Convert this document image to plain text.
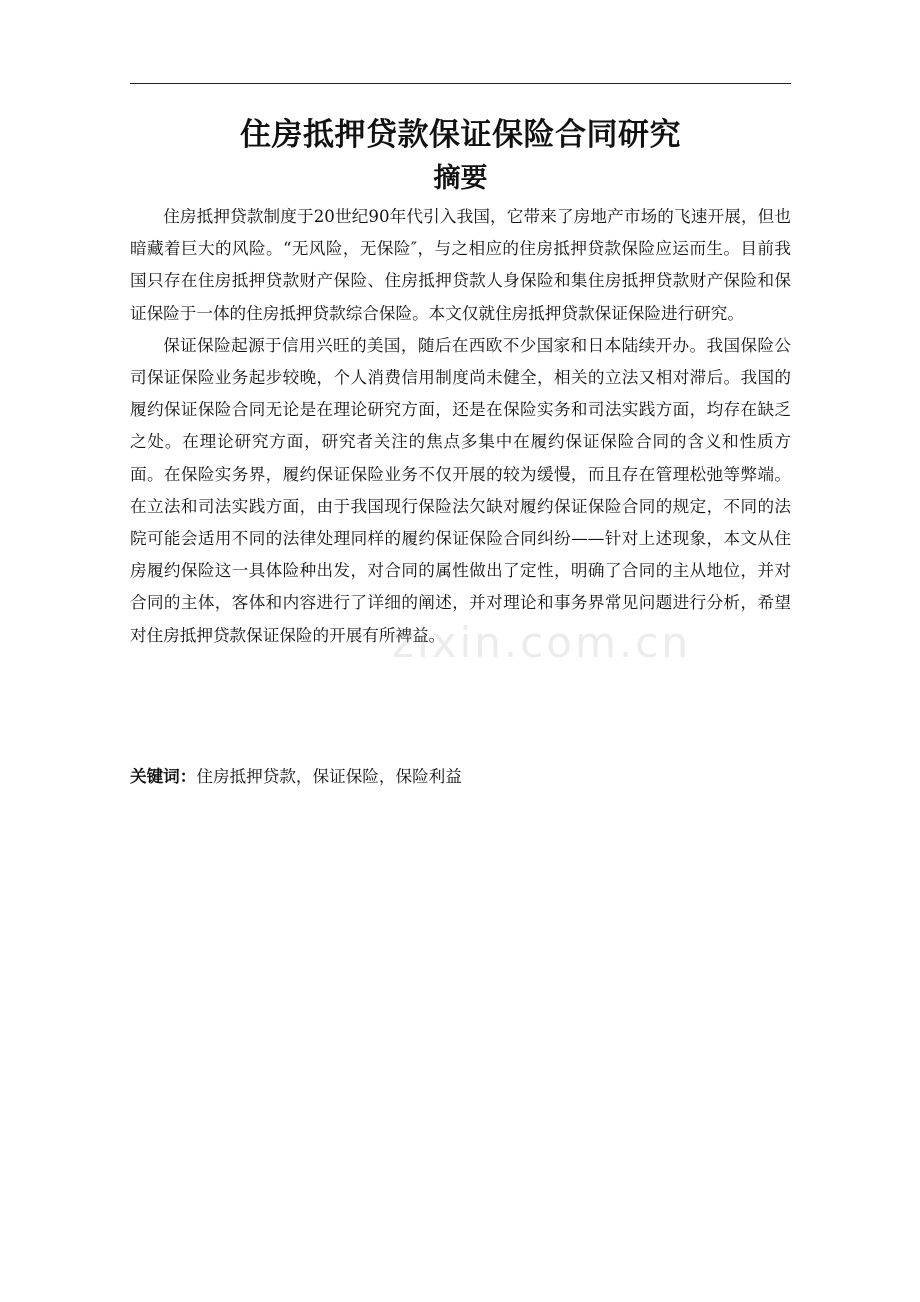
住房抵押贷款保证保险合同研究
摘要

住房抵押贷款制度于20世纪90年代引入我国，它带来了房地产市场的飞速开展，但也暗藏着巨大的风险。“无风险，无保险″，与之相应的住房抵押贷款保险应运而生。目前我国只存在住房抵押贷款财产保险、住房抵押贷款人身保险和集住房抵押贷款财产保险和保证保险于一体的住房抵押贷款综合保险。本文仅就住房抵押贷款保证保险进行研究。

保证保险起源于信用兴旺的美国，随后在西欧不少国家和日本陆续开办。我国保险公司保证保险业务起步较晚，个人消费信用制度尚未健全，相关的立法又相对滞后。我国的履约保证保险合同无论是在理论研究方面，还是在保险实务和司法实践方面，均存在缺乏之处。在理论研究方面，研究者关注的焦点多集中在履约保证保险合同的含义和性质方面。在保险实务界，履约保证保险业务不仅开展的较为缓慢，而且存在管理松弛等弊端。在立法和司法实践方面，由于我国现行保险法欠缺对履约保证保险合同的规定，不同的法院可能会适用不同的法律处理同样的履约保证保险合同纠纷——针对上述现象，本文从住房履约保险这一具体险种出发，对合同的属性做出了定性，明确了合同的主从地位，并对合同的主体，客体和内容进行了详细的阐述，并对理论和事务界常见问题进行分析，希望对住房抵押贷款保证保险的开展有所裨益。

关键词：住房抵押贷款，保证保险，保险利益

zixin.com.cn
